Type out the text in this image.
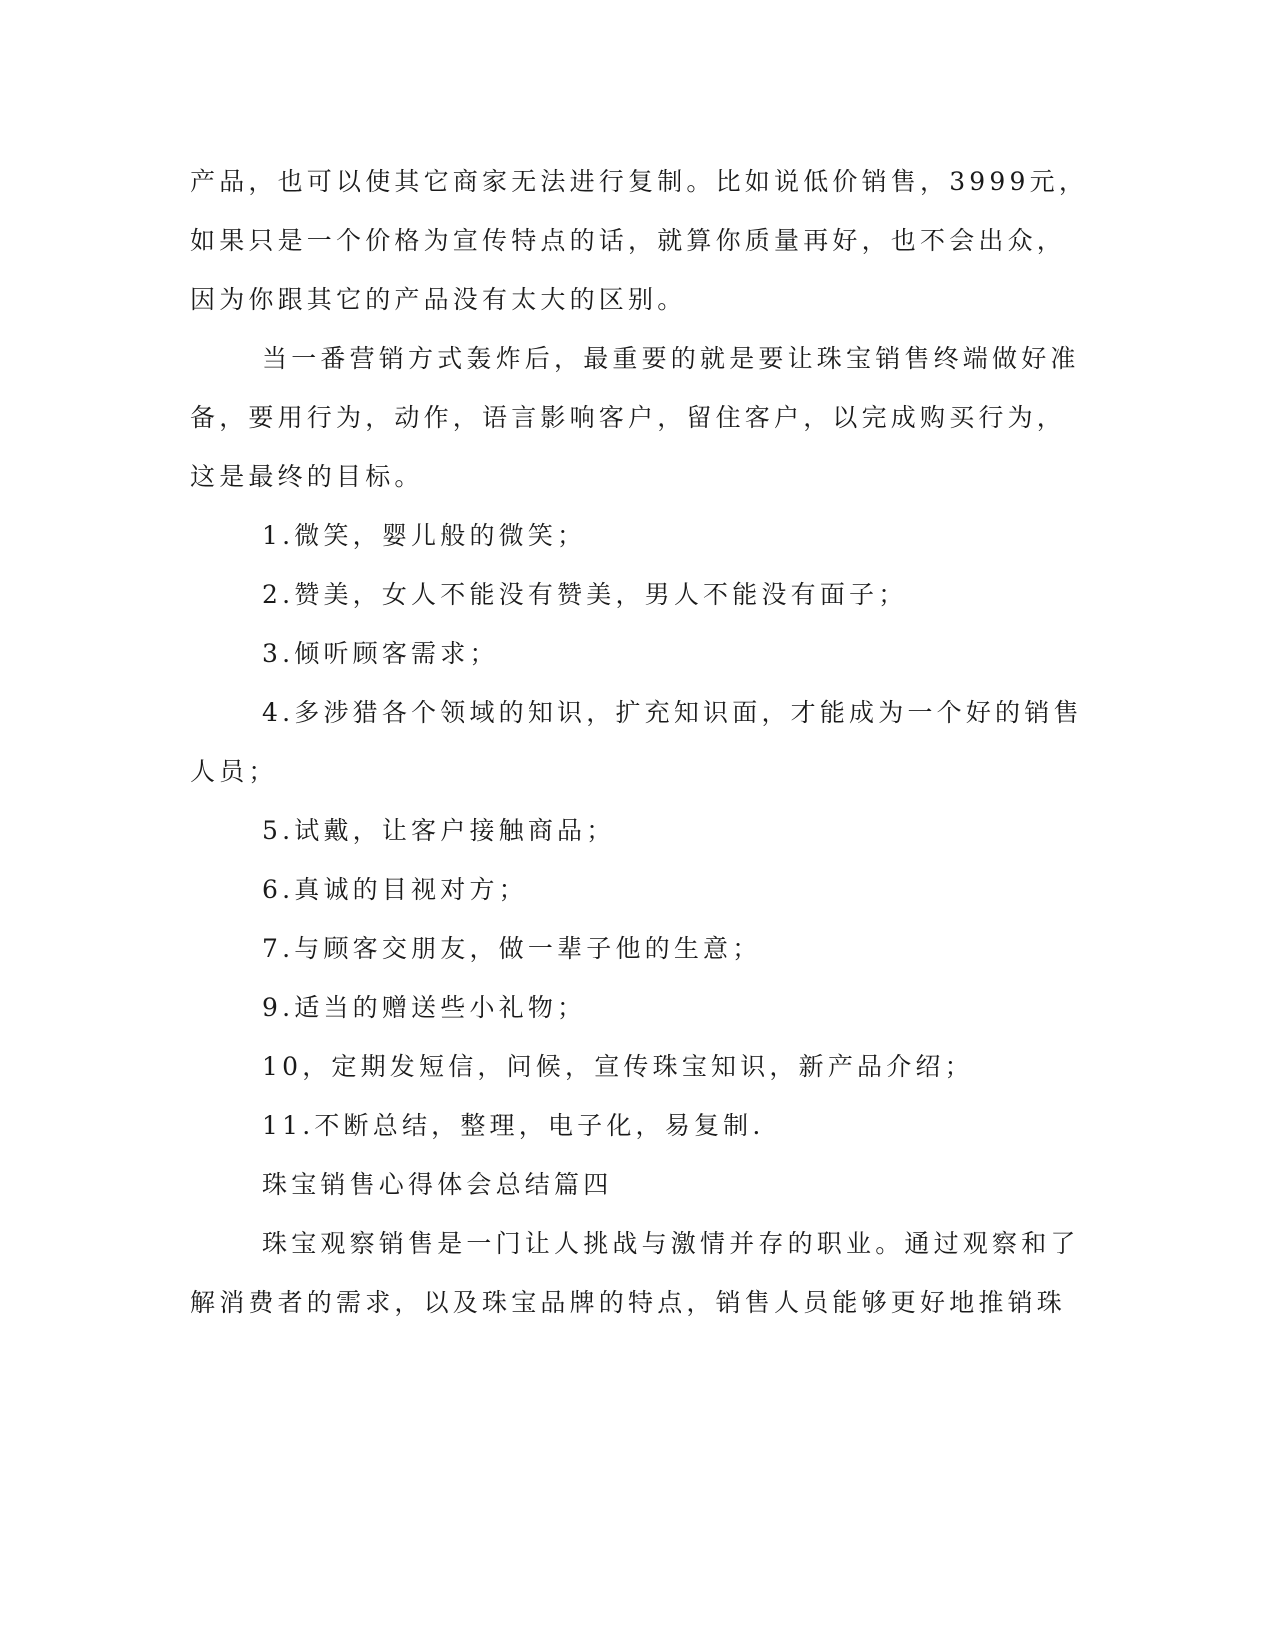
产品，也可以使其它商家无法进行复制。比如说低价销售，3999元，
如果只是一个价格为宣传特点的话，就算你质量再好，也不会出众，
因为你跟其它的产品没有太大的区别。
当一番营销方式轰炸后，最重要的就是要让珠宝销售终端做好准
备，要用行为，动作，语言影响客户，留住客户，以完成购买行为，
这是最终的目标。
1.微笑，婴儿般的微笑；
2.赞美，女人不能没有赞美，男人不能没有面子；
3.倾听顾客需求；
4.多涉猎各个领域的知识，扩充知识面，才能成为一个好的销售
人员；
5.试戴，让客户接触商品；
6.真诚的目视对方；
7.与顾客交朋友，做一辈子他的生意；
9.适当的赠送些小礼物；
10，定期发短信，问候，宣传珠宝知识，新产品介绍；
11.不断总结，整理，电子化，易复制.
珠宝销售心得体会总结篇四
珠宝观察销售是一门让人挑战与激情并存的职业。通过观察和了
解消费者的需求，以及珠宝品牌的特点，销售人员能够更好地推销珠
